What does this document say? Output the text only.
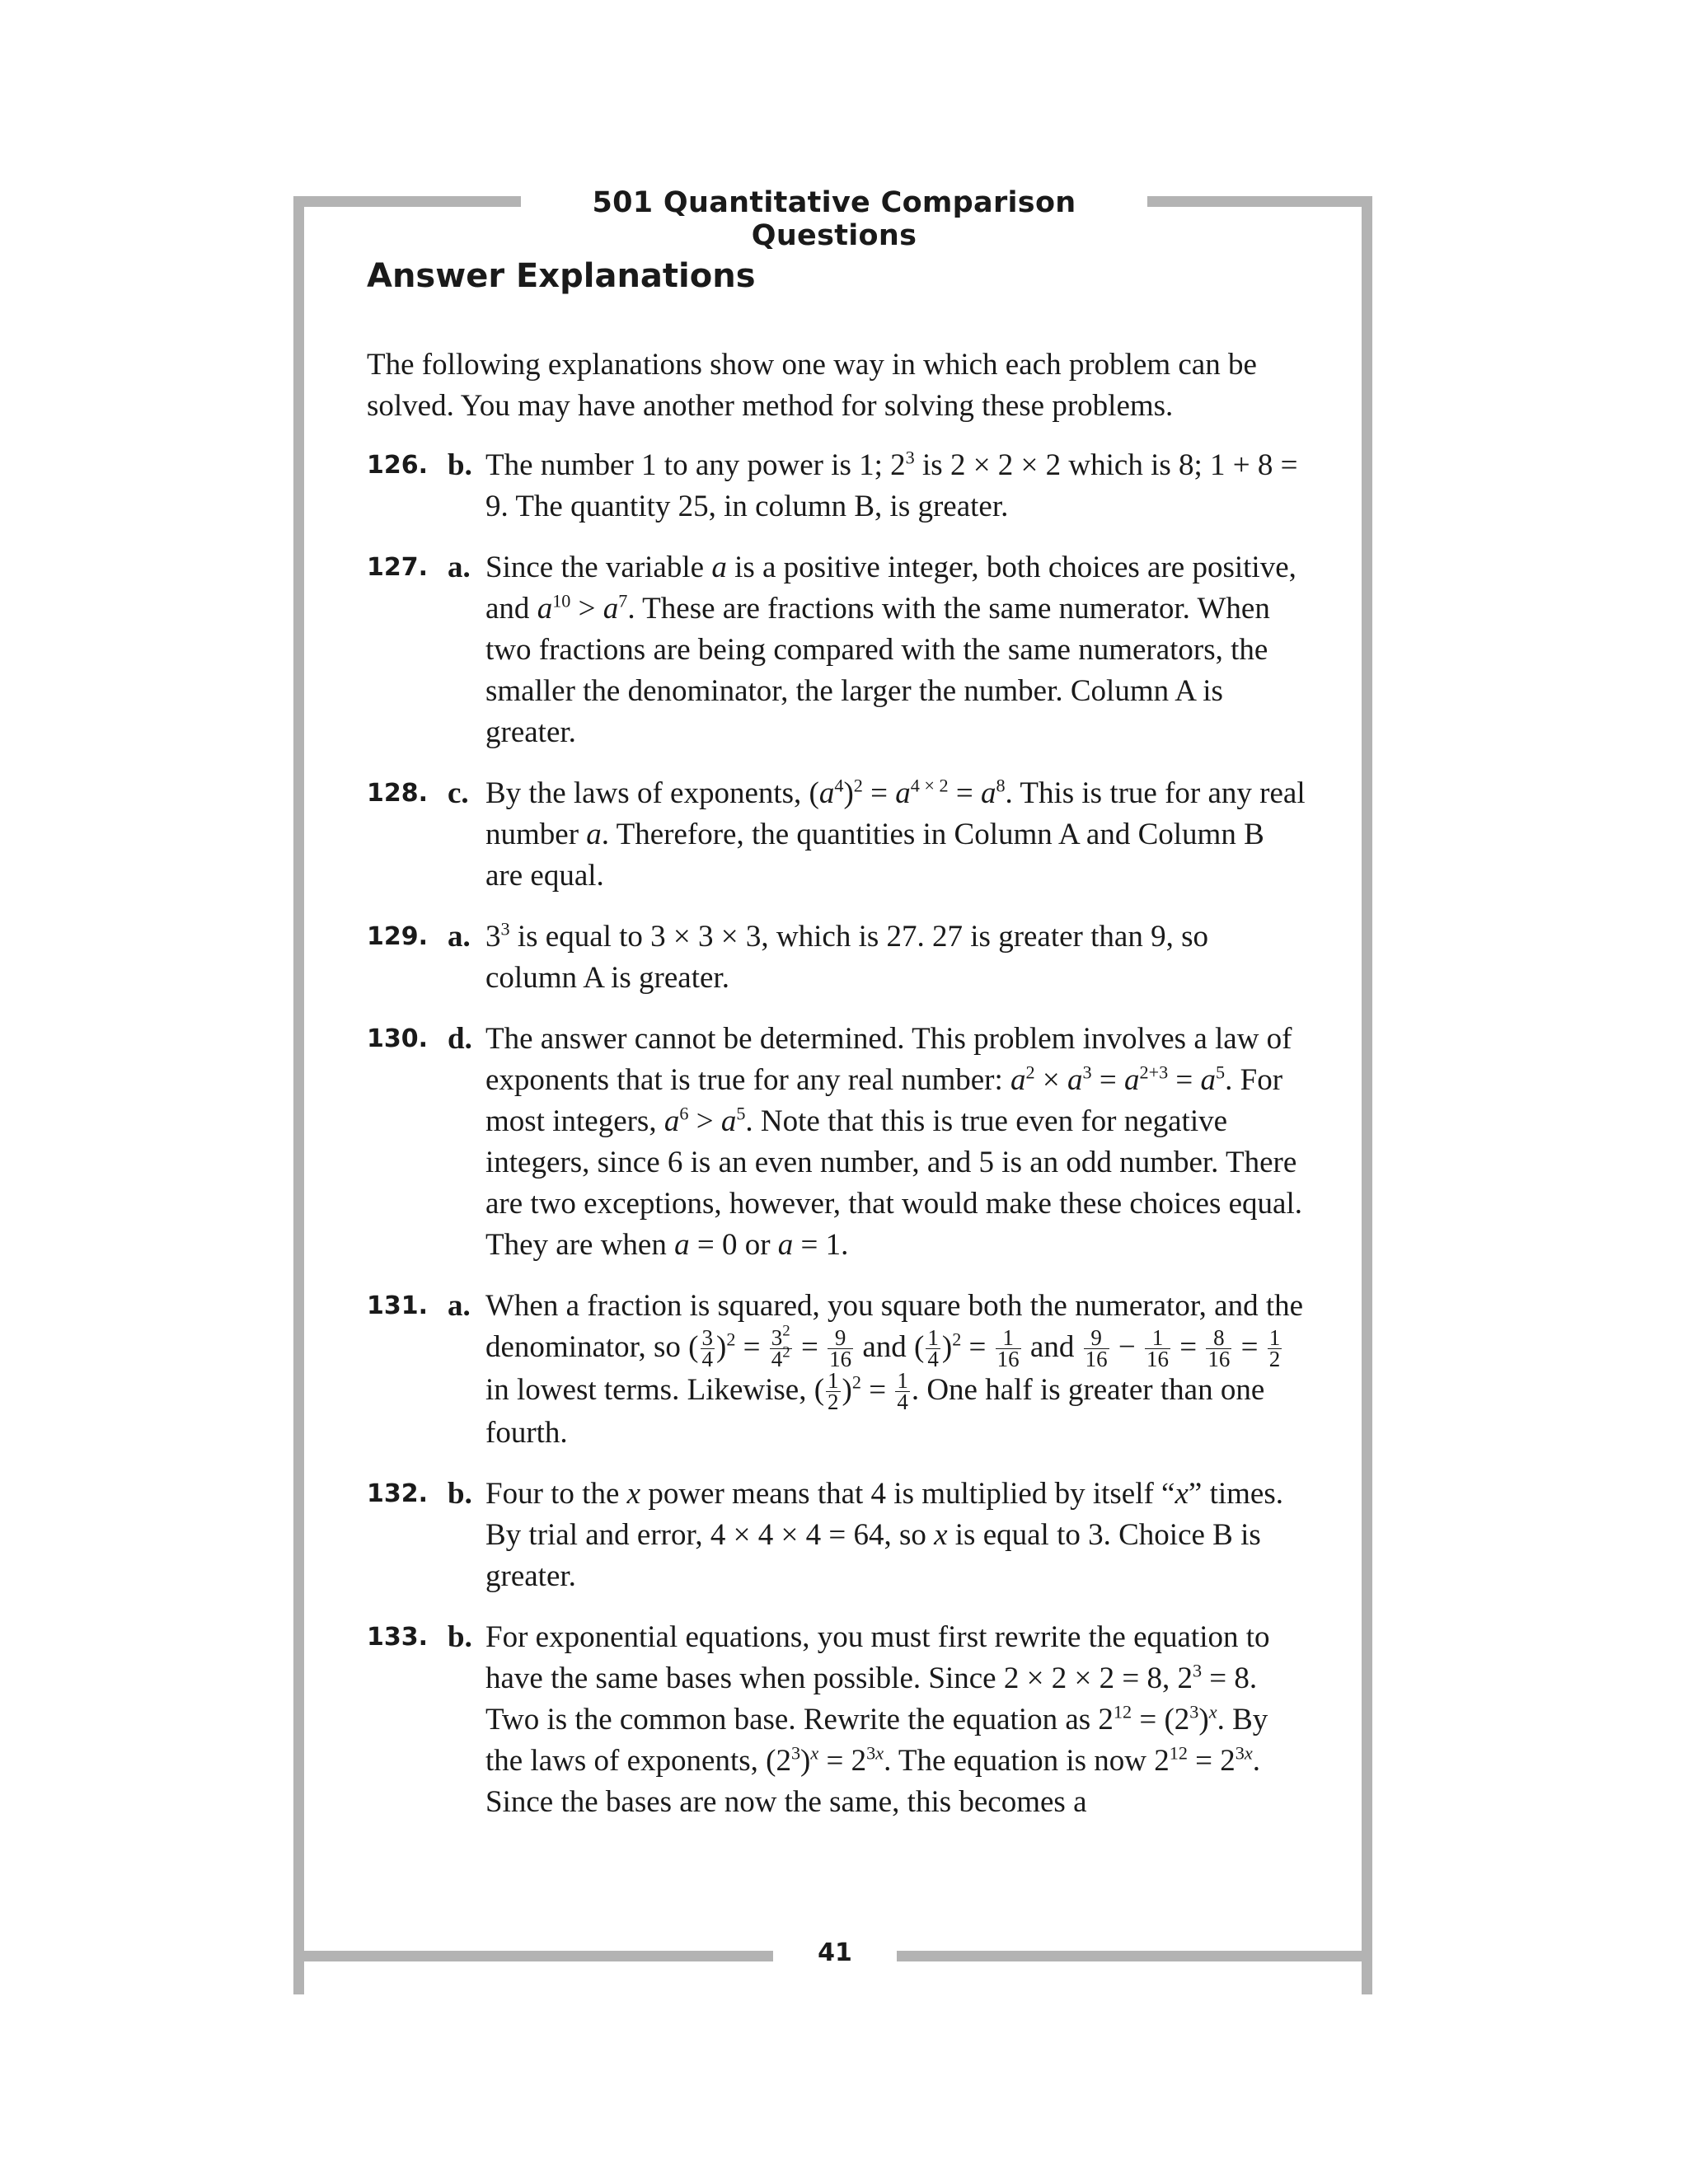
501 Quantitative Comparison Questions
Answer Explanations

The following explanations show one way in which each problem can be solved. You may have another method for solving these problems.

126. b. The number 1 to any power is 1; $2^3$ is 2 × 2 × 2 which is 8; 1 + 8 = 9. The quantity 25, in column B, is greater.
127. a. Since the variable a is a positive integer, both choices are positive, and $a^{10} > a^7$. These are fractions with the same numerator. When two fractions are being compared with the same numerators, the smaller the denominator, the larger the number. Column A is greater.
128. c. By the laws of exponents, $(a^4)^2 = a^{4 \times 2} = a^8$. This is true for any real number a. Therefore, the quantities in Column A and Column B are equal.
129. a. $3^3$ is equal to 3 × 3 × 3, which is 27. 27 is greater than 9, so column A is greater.
130. d. The answer cannot be determined. This problem involves a law of exponents that is true for any real number: $a^2 \times a^3 = a^{2+3} = a^5$. For most integers, $a^6 > a^5$. Note that this is true even for negative integers, since 6 is an even number, and 5 is an odd number. There are two exceptions, however, that would make these choices equal. They are when a = 0 or a = 1.
131. a. When a fraction is squared, you square both the numerator, and the denominator, so ( $\frac{3}{4} )^2 = \frac{3^2}{4^2} = \frac{9}{16}$ and ( $\frac{1}{4} )^2 = \frac{1}{16}$ and $\frac{9}{16} - \frac{1}{16} = \frac{8}{16} = \frac{1}{2}$
in lowest terms. Likewise, ( $\frac{1}{2} )^2 = \frac{1}{4}$ . One half is greater than one fourth.
132. b. Four to the x power means that 4 is multiplied by itself “x” times. By trial and error, 4 × 4 × 4 = 64, so x is equal to 3. Choice B is greater.
133. b. For exponential equations, you must first rewrite the equation to have the same bases when possible. Since 2 × 2 × 2 = 8, $2^3 = 8$. Two is the common base. Rewrite the equation as $2^{12} = (2^3)^x$. By the laws of exponents, $(2^3)^x = 2^{3x}$. The equation is now $2^{12} = 2^{3x}$. Since the bases are now the same, this becomes a
41
